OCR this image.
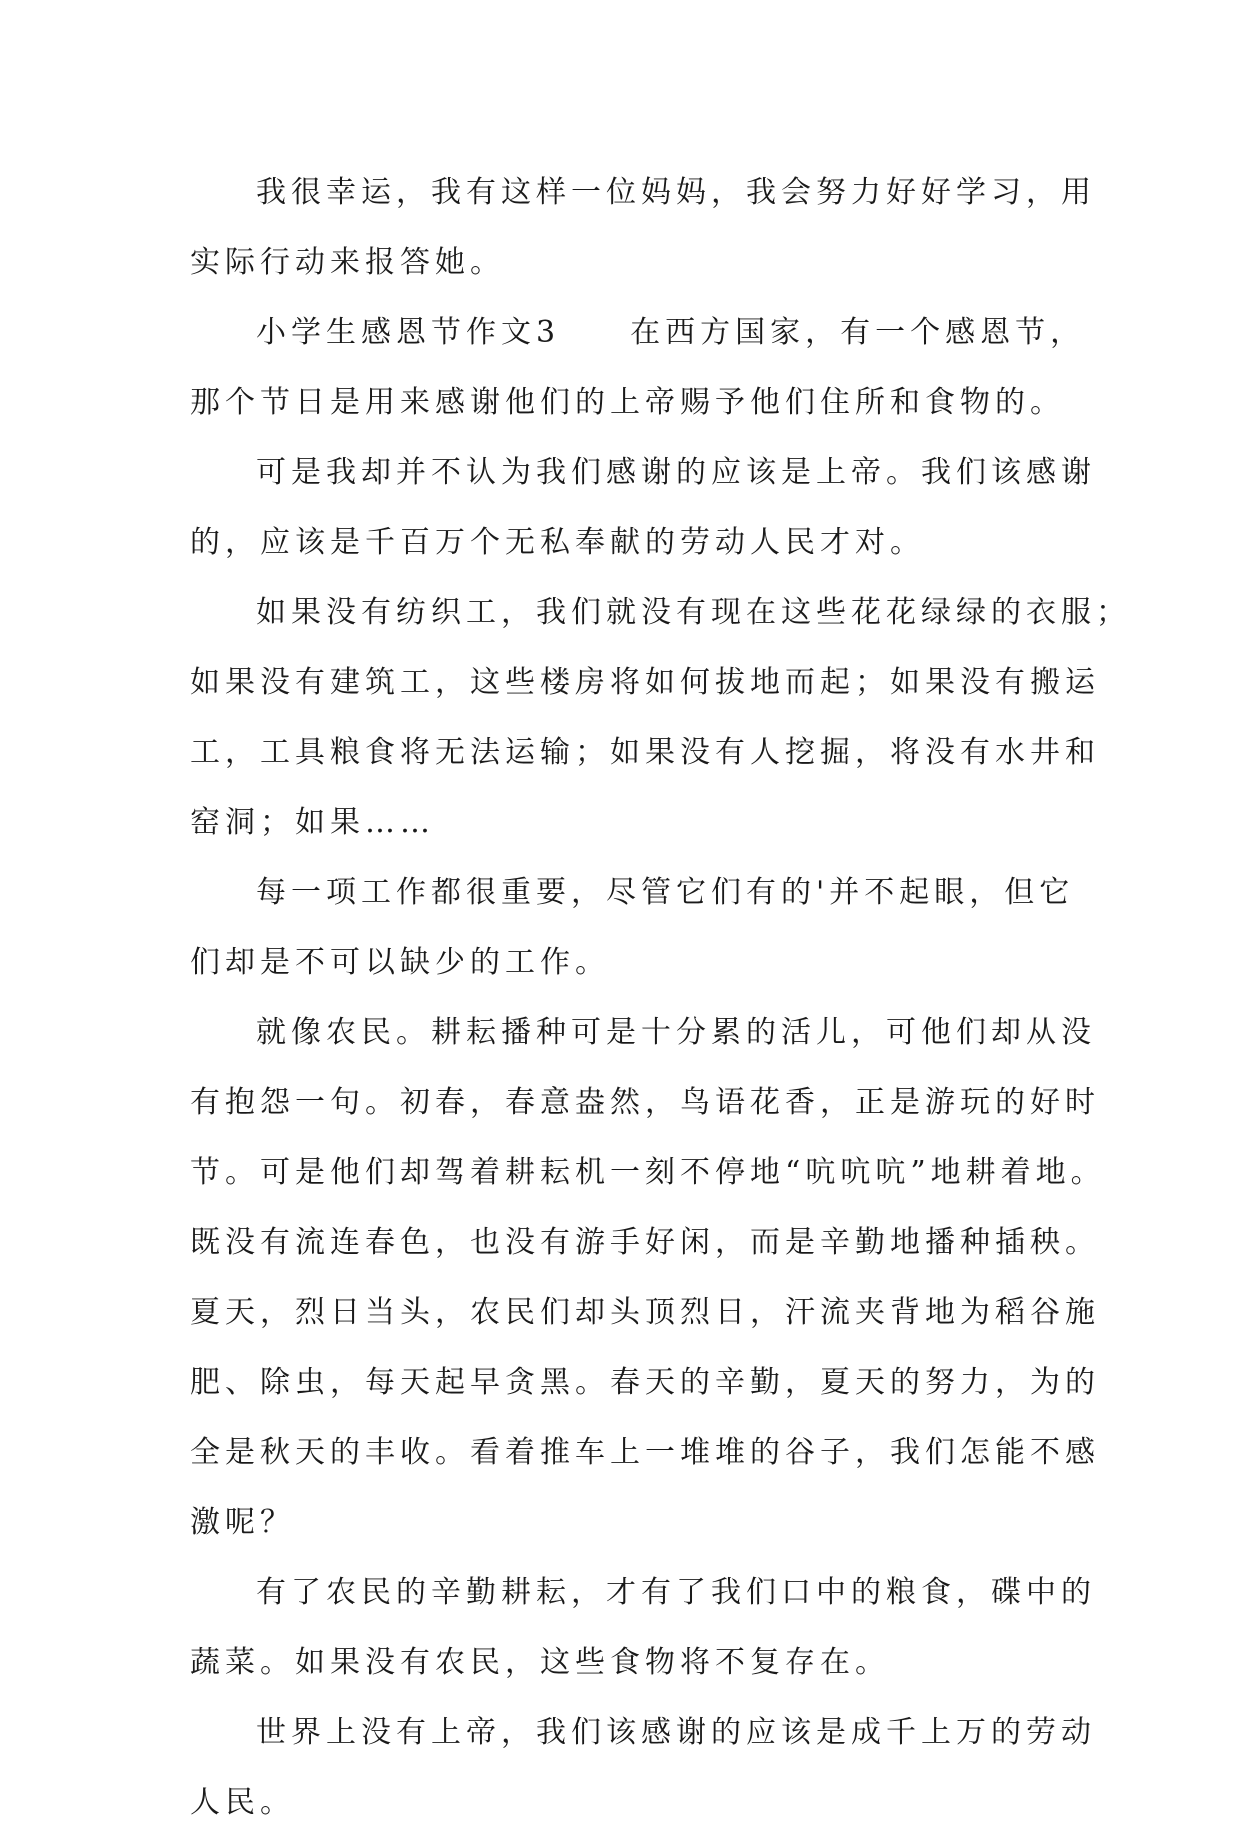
我很幸运，我有这样一位妈妈，我会努力好好学习，用
实际行动来报答她。
小学生感恩节作文3　　在西方国家，有一个感恩节，
那个节日是用来感谢他们的上帝赐予他们住所和食物的。
可是我却并不认为我们感谢的应该是上帝。我们该感谢
的，应该是千百万个无私奉献的劳动人民才对。
如果没有纺织工，我们就没有现在这些花花绿绿的衣服；
如果没有建筑工，这些楼房将如何拔地而起；如果没有搬运
工，工具粮食将无法运输；如果没有人挖掘，将没有水井和
窑洞；如果……
每一项工作都很重要，尽管它们有的'并不起眼，但它
们却是不可以缺少的工作。
就像农民。耕耘播种可是十分累的活儿，可他们却从没
有抱怨一句。初春，春意盎然，鸟语花香，正是游玩的好时
节。可是他们却驾着耕耘机一刻不停地“吭吭吭”地耕着地。
既没有流连春色，也没有游手好闲，而是辛勤地播种插秧。
夏天，烈日当头，农民们却头顶烈日，汗流夹背地为稻谷施
肥、除虫，每天起早贪黑。春天的辛勤，夏天的努力，为的
全是秋天的丰收。看着推车上一堆堆的谷子，我们怎能不感
激呢？
有了农民的辛勤耕耘，才有了我们口中的粮食，碟中的
蔬菜。如果没有农民，这些食物将不复存在。
世界上没有上帝，我们该感谢的应该是成千上万的劳动
人民。
